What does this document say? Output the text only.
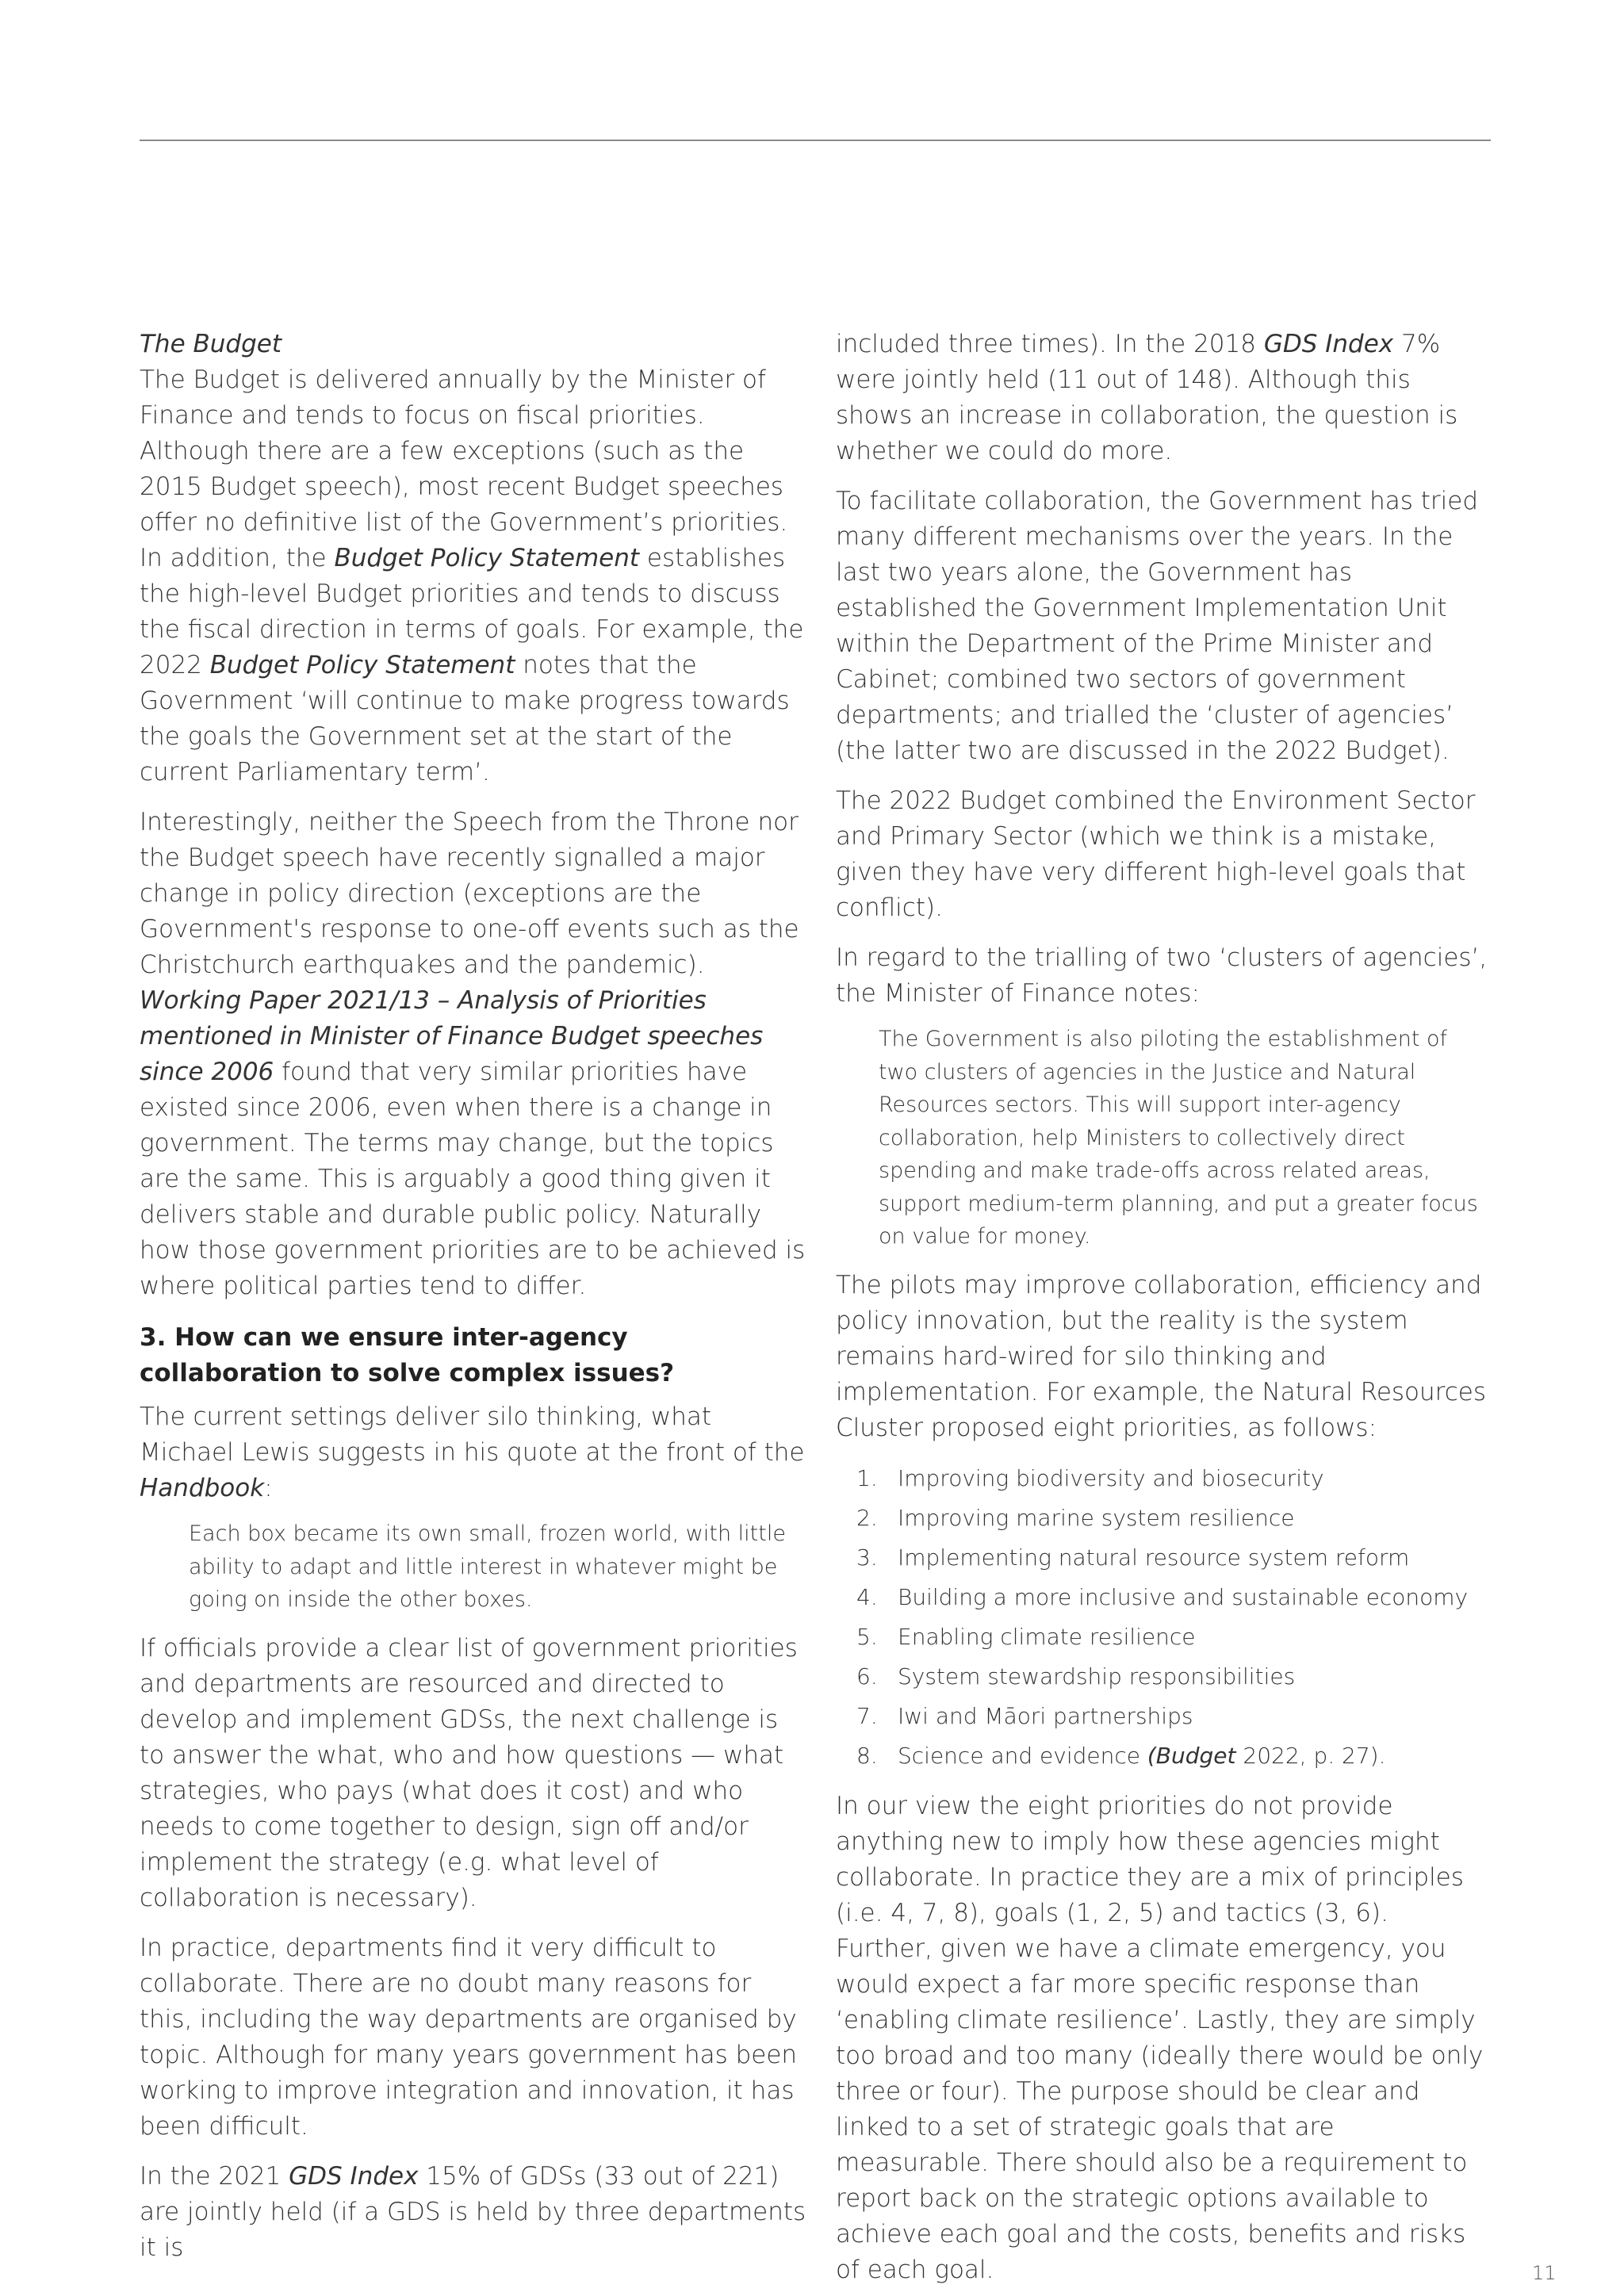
The Budget

The Budget is delivered annually by the Minister of Finance and tends to focus on fiscal priorities. Although there are a few exceptions (such as the 2015 Budget speech), most recent Budget speeches offer no definitive list of the Government’s priorities. In addition, the Budget Policy Statement establishes the high-level Budget priorities and tends to discuss the fiscal direction in terms of goals. For example, the 2022 Budget Policy Statement notes that the Government ‘will continue to make progress towards the goals the Government set at the start of the current Parliamentary term’.

Interestingly, neither the Speech from the Throne nor the Budget speech have recently signalled a major change in policy direction (exceptions are the Government's response to one-off events such as the Christchurch earthquakes and the pandemic). Working Paper 2021/13 – Analysis of Priorities mentioned in Minister of Finance Budget speeches since 2006 found that very similar priorities have existed since 2006, even when there is a change in government. The terms may change, but the topics are the same. This is arguably a good thing given it delivers stable and durable public policy. Naturally how those government priorities are to be achieved is where political parties tend to differ.

3. How can we ensure inter-agency collaboration to solve complex issues?

The current settings deliver silo thinking, what Michael Lewis suggests in his quote at the front of the Handbook:

Each box became its own small, frozen world, with little ability to adapt and little interest in whatever might be going on inside the other boxes.

If officials provide a clear list of government priorities and departments are resourced and directed to develop and implement GDSs, the next challenge is to answer the what, who and how questions — what strategies, who pays (what does it cost) and who needs to come together to design, sign off and/or implement the strategy (e.g. what level of collaboration is necessary).

In practice, departments find it very difficult to collaborate. There are no doubt many reasons for this, including the way departments are organised by topic. Although for many years government has been working to improve integration and innovation, it has been difficult.

In the 2021 GDS Index 15% of GDSs (33 out of 221) are jointly held (if a GDS is held by three departments it is

included three times). In the 2018 GDS Index 7% were jointly held (11 out of 148). Although this shows an increase in collaboration, the question is whether we could do more.

To facilitate collaboration, the Government has tried many different mechanisms over the years. In the last two years alone, the Government has established the Government Implementation Unit within the Department of the Prime Minister and Cabinet; combined two sectors of government departments; and trialled the ‘cluster of agencies’ (the latter two are discussed in the 2022 Budget).

The 2022 Budget combined the Environment Sector and Primary Sector (which we think is a mistake, given they have very different high-level goals that conflict).

In regard to the trialling of two ‘clusters of agencies’, the Minister of Finance notes:

The Government is also piloting the establishment of two clusters of agencies in the Justice and Natural Resources sectors. This will support inter-agency collaboration, help Ministers to collectively direct spending and make trade-offs across related areas, support medium-term planning, and put a greater focus on value for money.

The pilots may improve collaboration, efficiency and policy innovation, but the reality is the system remains hard-wired for silo thinking and implementation. For example, the Natural Resources Cluster proposed eight priorities, as follows:

1. Improving biodiversity and biosecurity
2. Improving marine system resilience
3. Implementing natural resource system reform
4. Building a more inclusive and sustainable economy
5. Enabling climate resilience
6. System stewardship responsibilities
7. Iwi and Māori partnerships
8. Science and evidence (Budget 2022, p. 27).

In our view the eight priorities do not provide anything new to imply how these agencies might collaborate. In practice they are a mix of principles (i.e. 4, 7, 8), goals (1, 2, 5) and tactics (3, 6). Further, given we have a climate emergency, you would expect a far more specific response than ‘enabling climate resilience’. Lastly, they are simply too broad and too many (ideally there would be only three or four). The purpose should be clear and linked to a set of strategic goals that are measurable. There should also be a requirement to report back on the strategic options available to achieve each goal and the costs, benefits and risks of each goal.	11
